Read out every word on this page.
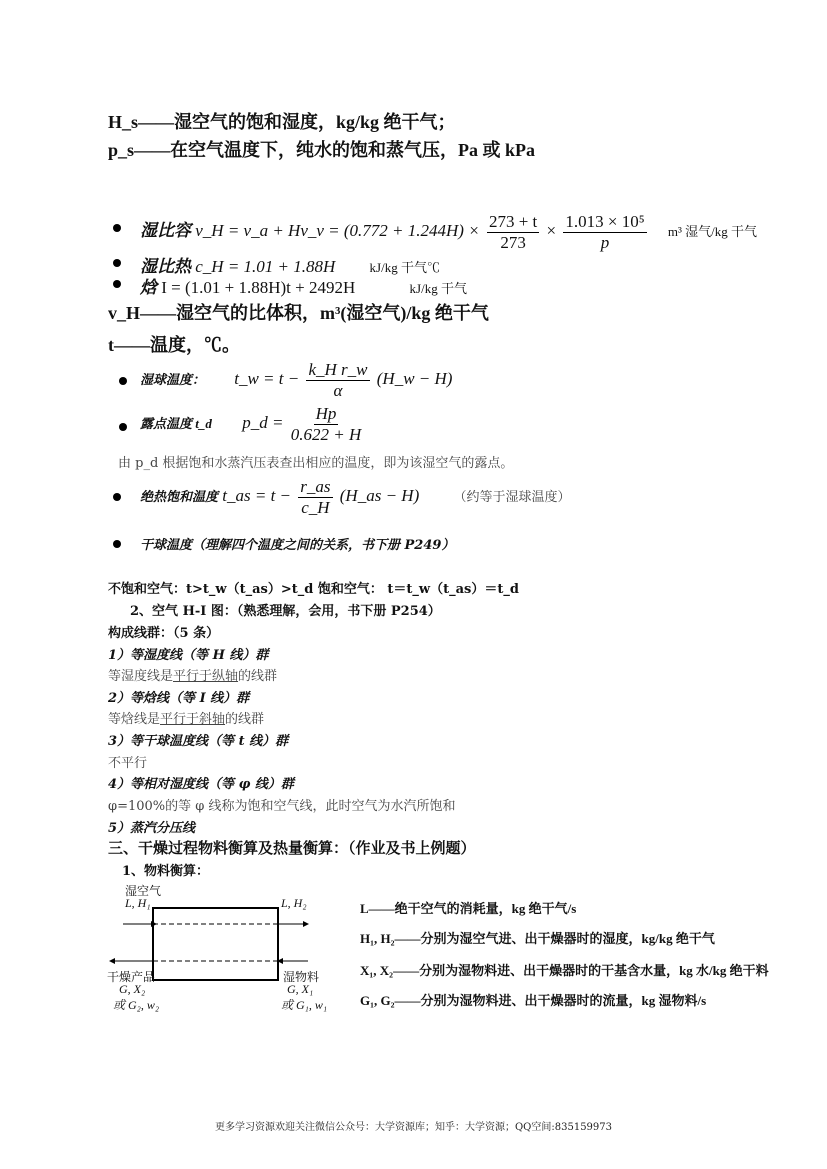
H_s——湿空气的饱和湿度，kg/kg 绝干气；
p_s——在空气温度下，纯水的饱和蒸气压，Pa 或 kPa
湿比容 v_H = v_a + Hv_v = $(0.772 + 1.244H) \times \frac{273 + t}{273} \times \frac{\text{1.013 × 10⁵}}{p} m^3$ 湿气/kg 干气
湿比热 c_H = 1.01 + 1.88H	kJ/kg 干气℃
焓 I = (1.01 + 1.88H)t + 2492H	kJ/kg 干气
v_H——湿空气的比体积，m³(湿空气)/kg 绝干气
t——温度，℃。
湿球温度： t_w = $t - \frac{\text{k\_H r\_w}}{\alpha}$ (H_w − H)
露点温度 t_d p_d = $\frac{Hp}{0.622 + H}$
由 p_d 根据饱和水蒸汽压表查出相应的温度，即为该湿空气的露点。
绝热饱和温度 t_as = $t - \frac{r\_as}{c\_H}$ (H_as − H)	（约等于湿球温度）
干球温度（理解四个温度之间的关系，书下册 P249）
不饱和空气：t>t_w（t_as）>t_d 饱和空气： t＝t_w（t_as）＝t_d
2、空气 H-I 图：（熟悉理解，会用，书下册 P254）
构成线群：（5 条）
1）等湿度线（等 H 线）群
等湿度线是平行于纵轴的线群
2）等焓线（等 I 线）群
等焓线是平行于斜轴的线群
3）等干球温度线（等 t 线）群
不平行
4）等相对湿度线（等 φ 线）群
φ=100%的等 φ 线称为饱和空气线，此时空气为水汽所饱和
5）蒸汽分压线
三、干燥过程物料衡算及热量衡算：（作业及书上例题）
1、物料衡算：
湿空气
L, H₁	L, H₂
干燥产品
G, X₂
或 G₂, w₂
湿物料
G, X₁
或 G₁, w₁
L——绝干空气的消耗量，kg 绝干气/s
H₁, H₂——分别为湿空气进、出干燥器时的湿度，kg/kg 绝干气
X₁, X₂——分别为湿物料进、出干燥器时的干基含水量，kg 水/kg 绝干料
G₁, G₂——分别为湿物料进、出干燥器时的流量，kg 湿物料/s
更多学习资源欢迎关注微信公众号：大学资源库；知乎：大学资源；QQ空间:835159973
